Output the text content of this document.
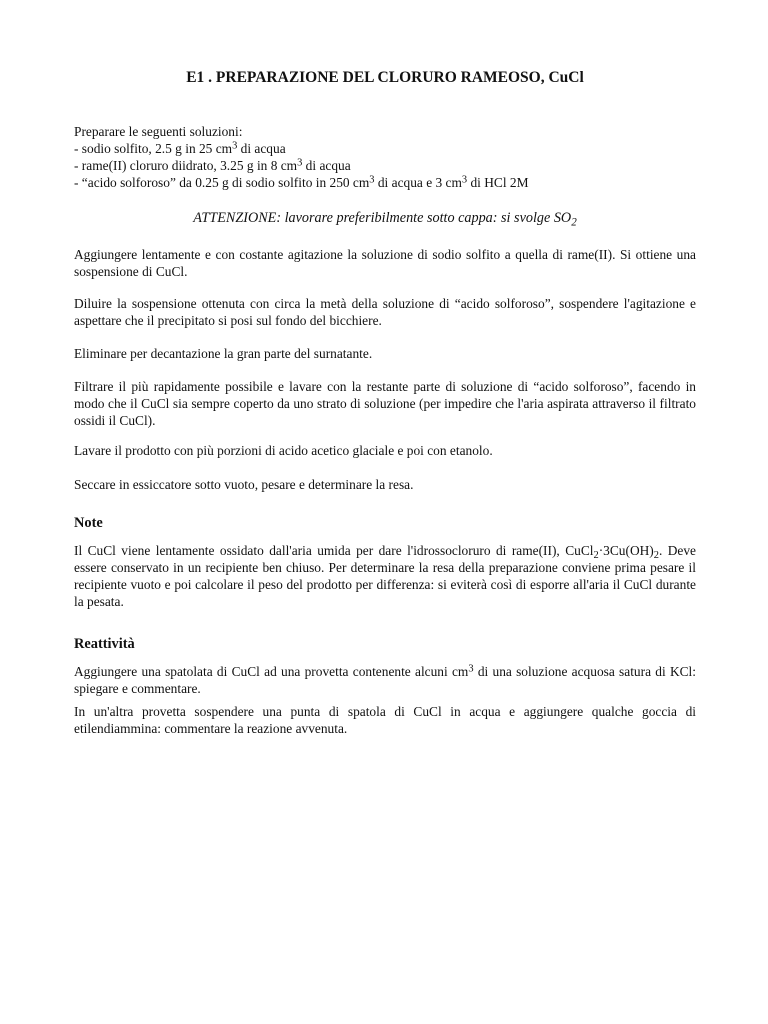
E1 . PREPARAZIONE DEL CLORURO RAMEOSO, CuCl
Preparare le seguenti soluzioni:
- sodio solfito, 2.5 g in 25 $cm^3$ di acqua
- rame(II) cloruro diidrato, 3.25 g in 8 $cm^3$ di acqua
- “acido solforoso” da 0.25 g di sodio solfito in 250 $cm^3$ di acqua e 3 $cm^3$ di HCl 2M
ATTENZIONE: lavorare preferibilmente sotto cappa: si svolge $SO_2$

Aggiungere lentamente e con costante agitazione la soluzione di sodio solfito a quella di rame(II). Si ottiene una sospensione di CuCl.

Diluire la sospensione ottenuta con circa la metà della soluzione di “acido solforoso”, sospendere l'agitazione e aspettare che il precipitato si posi sul fondo del bicchiere.

Eliminare per decantazione la gran parte del surnatante.

Filtrare il più rapidamente possibile e lavare con la restante parte di soluzione di “acido solforoso”, facendo in modo che il CuCl sia sempre coperto da uno strato di soluzione (per impedire che l'aria aspirata attraverso il filtrato ossidi il CuCl).

Lavare il prodotto con più porzioni di acido acetico glaciale e poi con etanolo.

Seccare in essiccatore sotto vuoto, pesare e determinare la resa.

Note

Il CuCl viene lentamente ossidato dall'aria umida per dare l'idrossocloruro di rame(II), $CuCl_2\cdot 3Cu(OH)_2$. Deve essere conservato in un recipiente ben chiuso. Per determinare la resa della preparazione conviene prima pesare il recipiente vuoto e poi calcolare il peso del prodotto per differenza: si eviterà così di esporre all'aria il CuCl durante la pesata.

Reattività

Aggiungere una spatolata di CuCl ad una provetta contenente alcuni $cm^3$ di una soluzione acquosa satura di KCl: spiegare e commentare.

In un'altra provetta sospendere una punta di spatola di CuCl in acqua e aggiungere qualche goccia di etilendiammina: commentare la reazione avvenuta.
